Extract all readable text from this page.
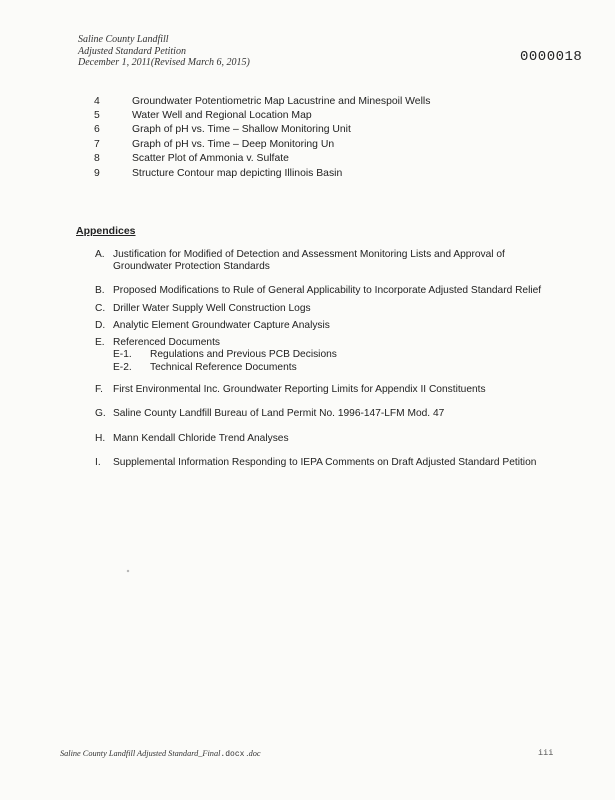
Saline County Landfill
Adjusted Standard Petition
December 1, 2011(Revised March 6, 2015)	0000018
4	Groundwater Potentiometric Map Lacustrine and Minespoil Wells
5	Water Well and Regional Location Map
6	Graph of pH vs. Time – Shallow Monitoring Unit
7	Graph of pH vs. Time – Deep Monitoring Un
8	Scatter Plot of Ammonia v. Sulfate
9	Structure Contour map depicting Illinois Basin
Appendices
A. Justification for Modified of Detection and Assessment Monitoring Lists and Approval of
Groundwater Protection Standards
B. Proposed Modifications to Rule of General Applicability to Incorporate Adjusted Standard Relief
C. Driller Water Supply Well Construction Logs
D. Analytic Element Groundwater Capture Analysis
E. Referenced Documents
E-1.	Regulations and Previous PCB Decisions
E-2.	Technical Reference Documents
F. First Environmental Inc. Groundwater Reporting Limits for Appendix II Constituents
G. Saline County Landfill Bureau of Land Permit No. 1996-147-LFM Mod. 47
H. Mann Kendall Chloride Trend Analyses
I.	Supplemental Information Responding to IEPA Comments on Draft Adjusted Standard Petition
Saline County Landfill Adjusted Standard_Final.docx .doc	iii
